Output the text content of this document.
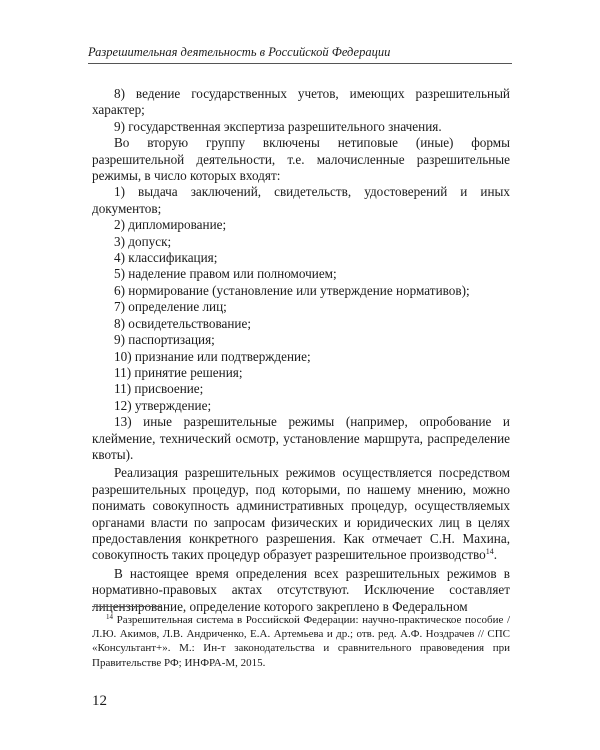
Разрешительная деятельность в Российской Федерации

8) ведение государственных учетов, имеющих разрешительный характер;

9) государственная экспертиза разрешительного значения.

Во вторую группу включены нетиповые (иные) формы разрешительной деятельности, т.е. малочисленные разрешительные режимы, в число которых входят:

1) выдача заключений, свидетельств, удостоверений и иных документов;

2) дипломирование;

3) допуск;

4) классификация;

5) наделение правом или полномочием;

6) нормирование (установление или утверждение нормативов);

7) определение лиц;

8) освидетельствование;

9) паспортизация;

10) признание или подтверждение;

11) принятие решения;

11) присвоение;

12) утверждение;

13) иные разрешительные режимы (например, опробование и клеймение, технический осмотр, установление маршрута, распределение квоты).

Реализация разрешительных режимов осуществляется посредством разрешительных процедур, под которыми, по нашему мнению, можно понимать совокупность административных процедур, осуществляемых органами власти по запросам физических и юридических лиц в целях предоставления конкретного разрешения. Как отмечает С.Н. Махина, совокупность таких процедур образует разрешительное производство$^{14}$.

В настоящее время определения всех разрешительных режимов в нормативно-правовых актах отсутствуют. Исключение составляет лицензирование, определение которого закреплено в Федеральном

$^{14}$ Разрешительная система в Российской Федерации: научно-практическое пособие / Л.Ю. Акимов, Л.В. Андриченко, Е.А. Артемьева и др.; отв. ред. А.Ф. Ноздрачев // СПС «Консультант+». М.: Ин-т законодательства и сравнительного правоведения при Правительстве РФ; ИНФРА-М, 2015.
12
